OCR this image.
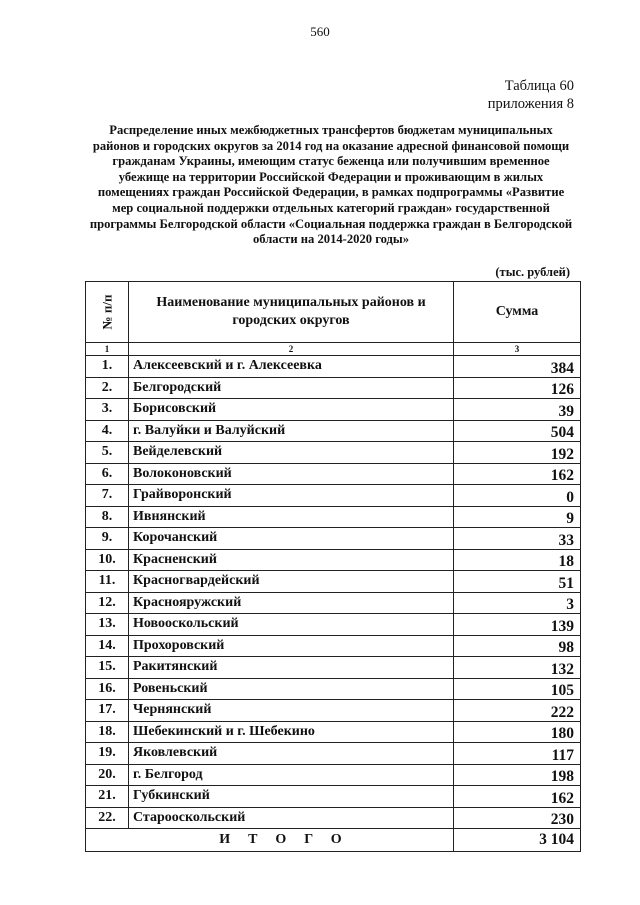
560
Таблица 60
приложения 8
Распределение иных межбюджетных трансфертов бюджетам муниципальных районов и городских округов за 2014 год на оказание адресной финансовой помощи гражданам Украины, имеющим статус беженца или получившим временное убежище на территории Российской Федерации и проживающим в жилых помещениях граждан Российской Федерации, в рамках подпрограммы «Развитие мер социальной поддержки отдельных категорий граждан» государственной программы Белгородской области «Социальная поддержка граждан в Белгородской области на 2014-2020 годы»
(тыс. рублей)
№ п/п	Наименование муниципальных районов и городских округов	Сумма
1	2	3
1.	Алексеевский и г. Алексеевка	384
2.	Белгородский	126
3.	Борисовский	39
4.	г. Валуйки и Валуйский	504
5.	Вейделевский	192
6.	Волоконовский	162
7.	Грайворонский	0
8.	Ивнянский	9
9.	Корочанский	33
10.	Красненский	18
11.	Красногвардейский	51
12.	Краснояружский	3
13.	Новооскольский	139
14.	Прохоровский	98
15.	Ракитянский	132
16.	Ровеньский	105
17.	Чернянский	222
18.	Шебекинский и г. Шебекино	180
19.	Яковлевский	117
20.	г. Белгород	198
21.	Губкинский	162
22.	Старооскольский	230
ИТОГО		3 104
